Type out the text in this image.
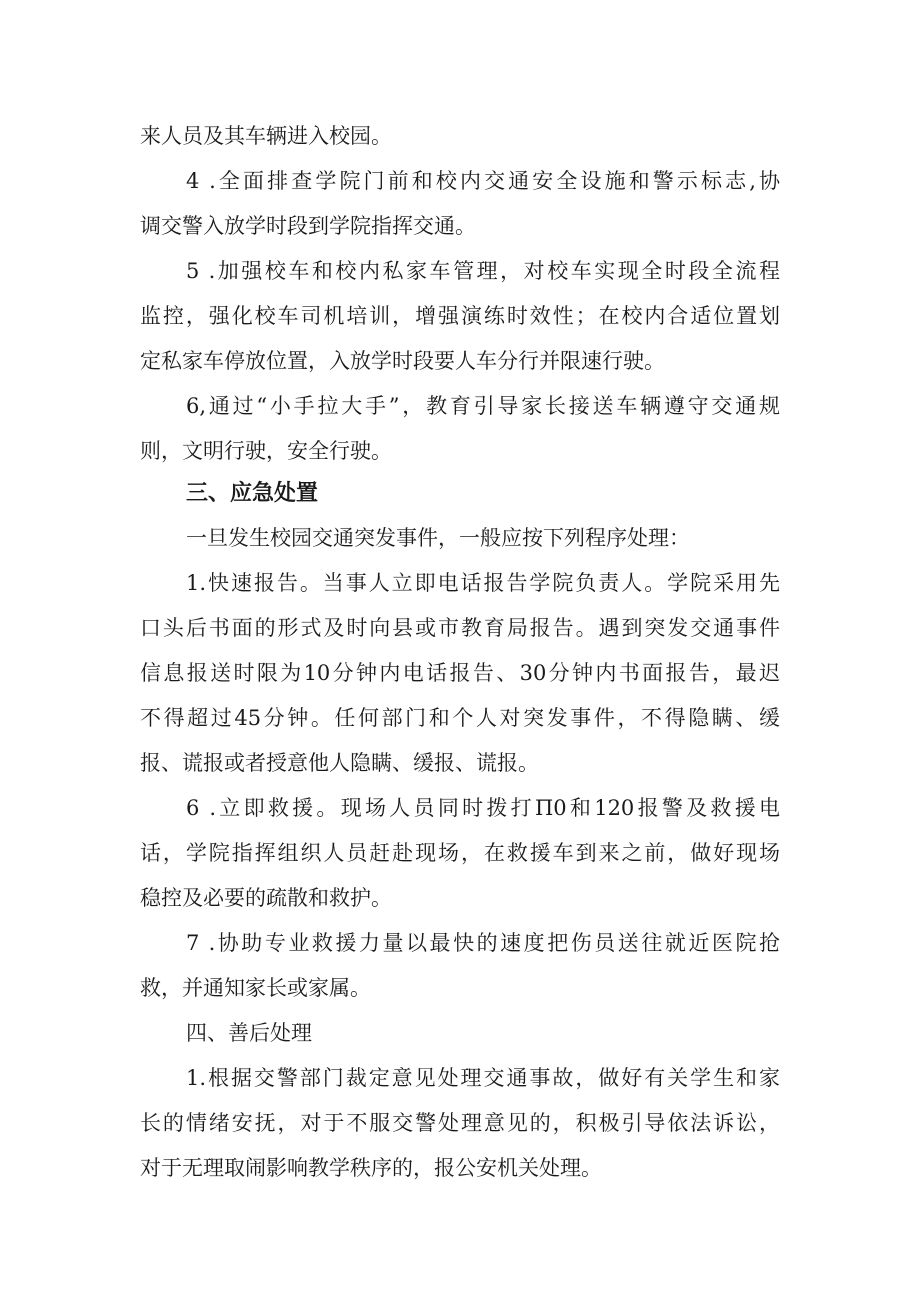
来人员及其车辆进入校园。
4 .全面排查学院门前和校内交通安全设施和警示标志,协
调交警入放学时段到学院指挥交通。
5 .加强校车和校内私家车管理，对校车实现全时段全流程
监控，强化校车司机培训，增强演练时效性；在校内合适位置划
定私家车停放位置，入放学时段要人车分行并限速行驶。
6,通过“小手拉大手”，教育引导家长接送车辆遵守交通规
则，文明行驶，安全行驶。
三、应急处置
一旦发生校园交通突发事件，一般应按下列程序处理：
1.快速报告。当事人立即电话报告学院负责人。学院采用先
口头后书面的形式及时向县或市教育局报告。遇到突发交通事件
信息报送时限为10分钟内电话报告、30分钟内书面报告，最迟
不得超过45分钟。任何部门和个人对突发事件，不得隐瞒、缓
报、谎报或者授意他人隐瞒、缓报、谎报。
6 .立即救援。现场人员同时拨打Π0和120报警及救援电
话，学院指挥组织人员赶赴现场，在救援车到来之前，做好现场
稳控及必要的疏散和救护。
7 .协助专业救援力量以最快的速度把伤员送往就近医院抢
救，并通知家长或家属。
四、善后处理
1.根据交警部门裁定意见处理交通事故，做好有关学生和家
长的情绪安抚，对于不服交警处理意见的，积极引导依法诉讼，
对于无理取闹影响教学秩序的，报公安机关处理。
